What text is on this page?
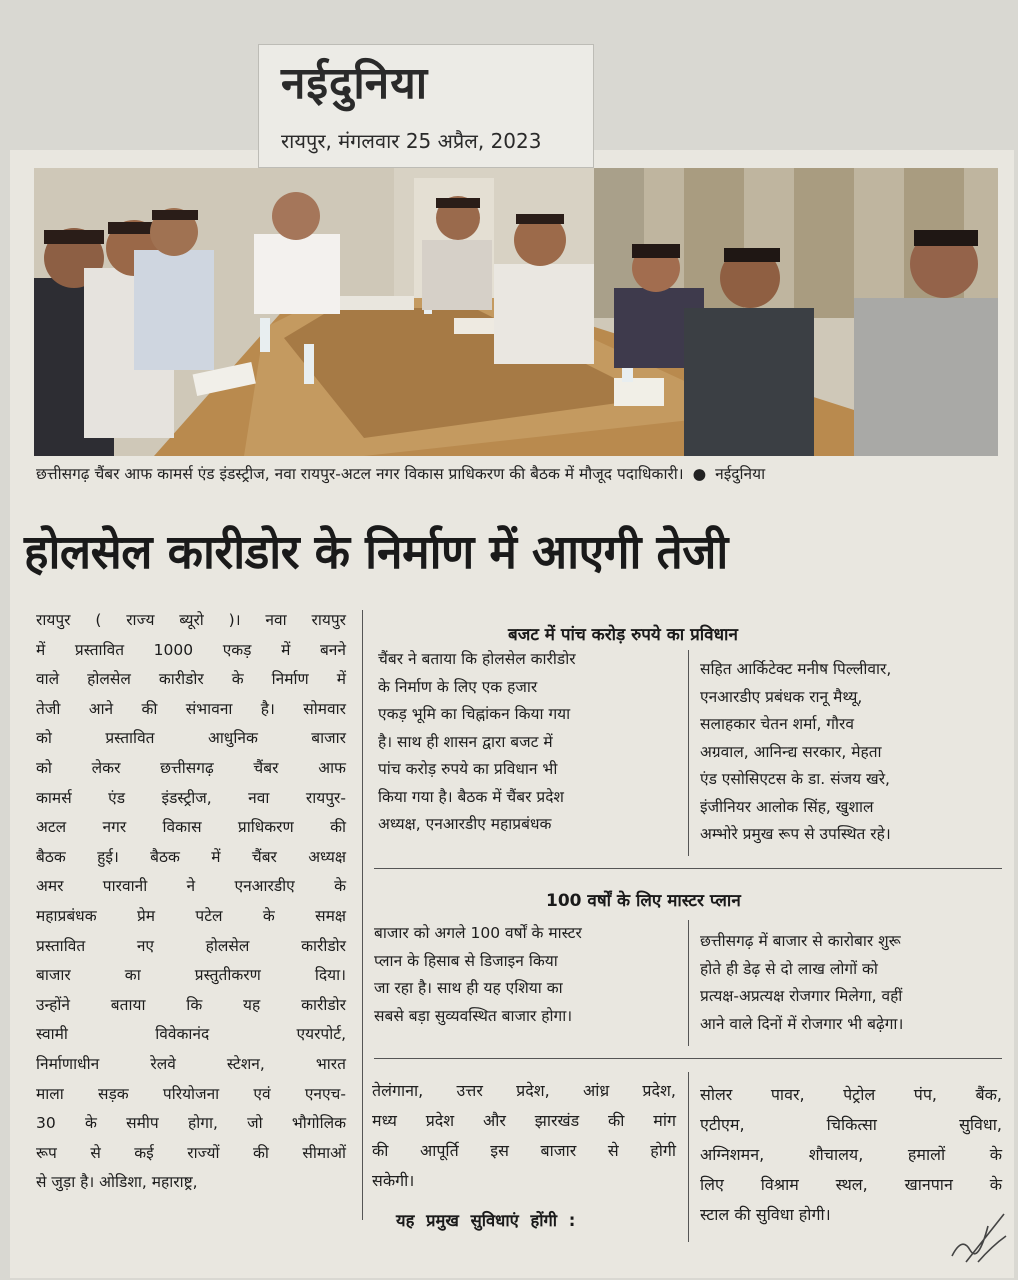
नईदुनिया
रायपुर, मंगलवार 25 अप्रैल, 2023
छत्तीसगढ़ चैंबर आफ कामर्स एंड इंडस्ट्रीज, नवा रायपुर-अटल नगर विकास प्राधिकरण की बैठक में मौजूद पदाधिकारी। ● नईदुनिया
होलसेल कारीडोर के निर्माण में आएगी तेजी
रायपुर ( राज्य ब्यूरो )। नवा रायपुर
में प्रस्तावित 1000 एकड़ में बनने
वाले होलसेल कारीडोर के निर्माण में
तेजी आने की संभावना है। सोमवार
को प्रस्तावित आधुनिक बाजार
को लेकर छत्तीसगढ़ चैंबर आफ
कामर्स एंड इंडस्ट्रीज, नवा रायपुर-
अटल नगर विकास प्राधिकरण की
बैठक हुई। बैठक में चैंबर अध्यक्ष
अमर पारवानी ने एनआरडीए के
महाप्रबंधक प्रेम पटेल के समक्ष
प्रस्तावित नए होलसेल कारीडोर
बाजार का प्रस्तुतीकरण दिया।
उन्होंने बताया कि यह कारीडोर
स्वामी विवेकानंद एयरपोर्ट,
निर्माणाधीन रेलवे स्टेशन, भारत
माला सड़क परियोजना एवं एनएच-
30 के समीप होगा, जो भौगोलिक
रूप से कई राज्यों की सीमाओं
से जुड़ा है। ओडिशा, महाराष्ट्र,
बजट में पांच करोड़ रुपये का प्रविधान
चैंबर ने बताया कि होलसेल कारीडोर
के निर्माण के लिए एक हजार
एकड़ भूमि का चिह्नांकन किया गया
है। साथ ही शासन द्वारा बजट में
पांच करोड़ रुपये का प्रविधान भी
किया गया है। बैठक में चैंबर प्रदेश
अध्यक्ष, एनआरडीए महाप्रबंधक
सहित आर्किटेक्ट मनीष पिल्लीवार,
एनआरडीए प्रबंधक रानू मैथ्यू,
सलाहकार चेतन शर्मा, गौरव
अग्रवाल, आनिन्द्य सरकार, मेहता
एंड एसोसिएटस के डा. संजय खरे,
इंजीनियर आलोक सिंह, खुशाल
अम्भोरे प्रमुख रूप से उपस्थित रहे।
100 वर्षों के लिए मास्टर प्लान
बाजार को अगले 100 वर्षों के मास्टर
प्लान के हिसाब से डिजाइन किया
जा रहा है। साथ ही यह एशिया का
सबसे बड़ा सुव्यवस्थित बाजार होगा।
छत्तीसगढ़ में बाजार से कारोबार शुरू
होते ही डेढ़ से दो लाख लोगों को
प्रत्यक्ष-अप्रत्यक्ष रोजगार मिलेगा, वहीं
आने वाले दिनों में रोजगार भी बढ़ेगा।
तेलंगाना, उत्तर प्रदेश, आंध्र प्रदेश,
मध्य प्रदेश और झारखंड की मांग
की आपूर्ति इस बाजार से होगी
सकेगी।
यह प्रमुख सुविधाएं होंगी :
सोलर पावर, पेट्रोल पंप, बैंक,
एटीएम, चिकित्सा सुविधा,
अग्निशमन, शौचालय, हमालों के
लिए विश्राम स्थल, खानपान के
स्टाल की सुविधा होगी।
